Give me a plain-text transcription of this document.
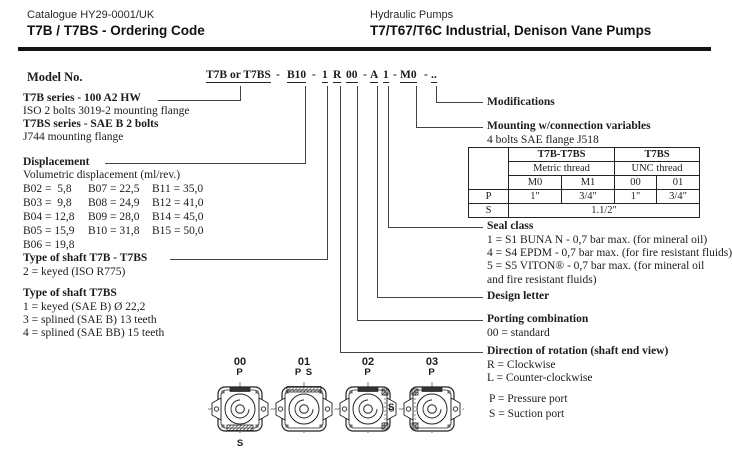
Catalogue HY29-0001/UK
T7B / T7BS - Ordering Code
Hydraulic Pumps
T7/T67/T6C Industrial, Denison Vane Pumps
Model No.	T7B or T7BS - B10 - 1 R 00 - A 1 - M0 - ..
T7B series - 100 A2 HW
ISO 2 bolts 3019-2 mounting flange
T7BS series - SAE B 2 bolts
J744 mounting flange
Displacement
Volumetric displacement (ml/rev.)
B02 =  5,8 B07 = 22,5 B11 = 35,0
B03 =  9,8 B08 = 24,9 B12 = 41,0
B04 = 12,8 B09 = 28,0 B14 = 45,0
B05 = 15,9 B10 = 31,8 B15 = 50,0
B06 = 19,8
Type of shaft T7B - T7BS
2 = keyed (ISO R775)
Type of shaft T7BS
1 = keyed (SAE B) Ø 22,2
3 = splined (SAE B) 13 teeth
4 = splined (SAE BB) 15 teeth
Modifications
Mounting w/connection variables
4 bolts SAE flange J518
	T7B-T7BS		T7BS	
	Metric thread		UNC thread	
	M0	M1	00	01
P	1"	3/4"	1"	3/4"
S	1.1/2"			
Seal class
1 = S1 BUNA N - 0,7 bar max. (for mineral oil)
4 = S4 EPDM - 0,7 bar max. (for fire resistant fluids)
5 = S5 VITON® - 0,7 bar max. (for mineral oil and fire resistant fluids)
Design letter
Porting combination
00 = standard
Direction of rotation (shaft end view)
R = Clockwise
L = Counter-clockwise
P = Pressure port
S = Suction port
00
P
S
01
P S
02
P
03
P
S
